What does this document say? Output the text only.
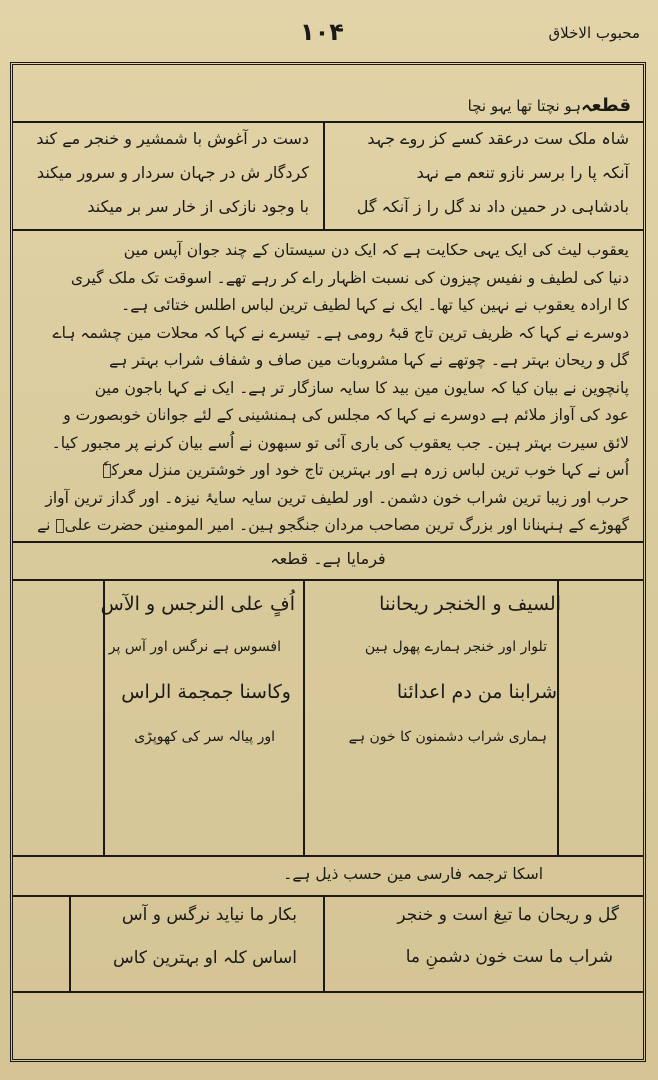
محبوب الاخلاق
۱۰۴
ہو نچتا تھا یہو نچا قطعہ
شاہ ملک ست درعقد کسے کز روے جہد
آنکہ پا را برسر نازو تنعم مے نہد
بادشاہی در حمین داد ند گل را ز آنکہ گل
دست در آغوش با شمشیر و خنجر مے کند
کردگار ش در جہان سردار و سرور میکند
با وجود نازکی از خار سر بر میکند

یعقوب لیث کی ایک یہی حکایت ہے کہ ایک دن سیستان کے چند جوان آپس مین

دنیا کی لطیف و نفیس چیزون کی نسبت اظہار راے کر رہے تھے۔ اسوقت تک ملک گیری

کا ارادہ یعقوب نے نہین کیا تھا۔ ایک نے کہا لطیف ترین لباس اطلس ختائی ہے۔

دوسرے نے کہا کہ ظریف ترین تاج قبۂ رومی ہے۔ تیسرے نے کہا کہ محلات مین چشمہ ہاے

گل و ریحان بہتر ہے۔ چوتھے نے کہا مشروبات مین صاف و شفاف شراب بہتر ہے

پانچوین نے بیان کیا کہ سایون مین بید کا سایہ سازگار تر ہے۔ ایک نے کہا باجون مین

عود کی آواز ملائم ہے دوسرے نے کہا کہ مجلس کی ہمنشینی کے لئے جوانان خوبصورت و

لائق سیرت بہتر ہین۔ جب یعقوب کی باری آئی تو سبھون نے اُسے بیان کرنے پر مجبور کیا۔

اُس نے کہا خوب ترین لباس زرہ ہے اور بہترین تاج خود اور خوشترین منزل معرکہٗ

حرب اور زیبا ترین شراب خون دشمن۔ اور لطیف ترین سایہ سایۂ نیزہ۔ اور گداز ترین آواز

گھوڑے کے ہنہنانا اور بزرگ ترین مصاحب مردان جنگجو ہین۔ امیر المومنین حضرت علیؑ نے

فرمایا ہے۔ قطعہ
السیف و الخنجر ریحاننا
تلوار اور خنجر ہمارے پھول ہین
شرابنا من دم اعدائنا
ہماری شراب دشمنون کا خون ہے
اُفٍ علی النرجس و الآس
افسوس ہے نرگس اور آس پر
وکاسنا جمجمة الراس
اور پیالہ سر کی کھوپڑی
اسکا ترجمہ فارسی مین حسب ذیل ہے۔
گل و ریحان ما تیغ است و خنجر
شراب ما ست خون دشمنِ ما
بکار ما نیاید نرگس و آس
اساس کلہ او بہترین کاس
